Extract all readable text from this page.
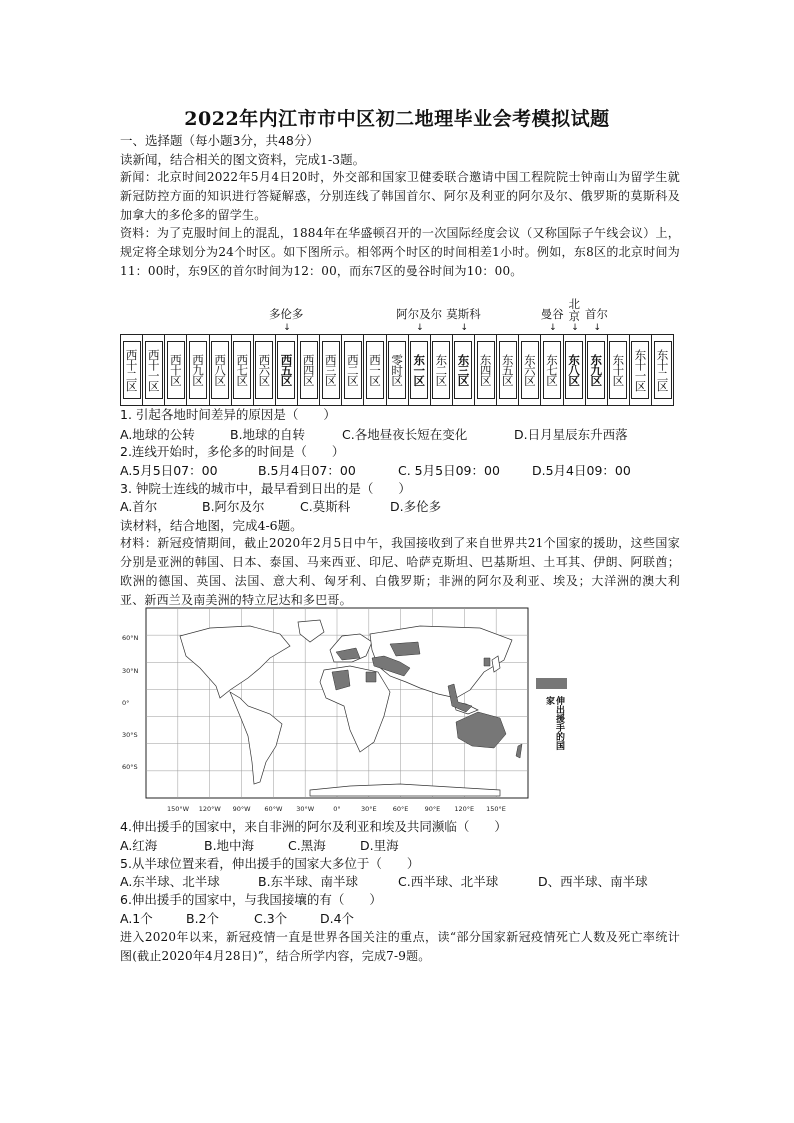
2022年内江市市中区初二地理毕业会考模拟试题
一、选择题（每小题3分，共48分）
读新闻，结合相关的图文资料，完成1-3题。
新闻：北京时间2022年5月4日20时，外交部和国家卫健委联合邀请中国工程院院士钟南山为留学生就新冠防控方面的知识进行答疑解惑，分别连线了韩国首尔、阿尔及利亚的阿尔及尔、俄罗斯的莫斯科及加拿大的多伦多的留学生。
资料：为了克服时间上的混乱，1884年在华盛顿召开的一次国际经度会议（又称国际子午线会议）上，规定将全球划分为24个时区。如下图所示。相邻两个时区的时间相差1小时。例如，东8区的北京时间为11：00时，东9区的首尔时间为12：00，而东7区的曼谷时间为10：00。
多伦多
↓
阿尔及尔
↓
莫斯科
↓
曼谷
↓
北京
↓
首尔
↓
西十二区 西十一区 西十区 西九区 西八区 西七区 西六区 西五区 西四区 西三区 西二区 西一区 零时区 东一区 东二区 东三区 东四区 东五区 东六区 东七区 东八区 东九区 东十区 东十一区 东十二区
1. 引起各地时间差异的原因是（　　）
A.地球的公转	B.地球的自转	C.各地昼夜长短在变化	D.日月星辰东升西落
2.连线开始时，多伦多的时间是（　　）
A.5月5日07：00	B.5月4日07：00	C. 5月5日09：00	D.5月4日09：00
3. 钟院士连线的城市中，最早看到日出的是（　　）
A.首尔	B.阿尔及尔	C.莫斯科	D.多伦多
读材料，结合地图，完成4-6题。
材料：新冠疫情期间，截止2020年2月5日中午，我国接收到了来自世界共21个国家的援助，这些国家分别是亚洲的韩国、日本、泰国、马来西亚、印尼、哈萨克斯坦、巴基斯坦、土耳其、伊朗、阿联酋；欧洲的德国、英国、法国、意大利、匈牙利、白俄罗斯；非洲的阿尔及利亚、埃及；大洋洲的澳大利亚、新西兰及南美洲的特立尼达和多巴哥。
60°N
30°N
0°
30°S
60°S
150°W 120°W 90°W 60°W 30°W	0°	30°E 60°E 90°E 120°E 150°E
伸出援手的国家
4.伸出援手的国家中，来自非洲的阿尔及利亚和埃及共同濒临（　　）
A.红海	B.地中海	C.黑海	D.里海
5.从半球位置来看，伸出援手的国家大多位于（　　）
A.东半球、北半球	B.东半球、南半球	C.西半球、北半球	D、西半球、南半球
6.伸出援手的国家中，与我国接壤的有（　　）
A.1个	B.2个	C.3个	D.4个
进入2020年以来，新冠疫情一直是世界各国关注的重点，读“部分国家新冠疫情死亡人数及死亡率统计图(截止2020年4月28日)”，结合所学内容，完成7-9题。
